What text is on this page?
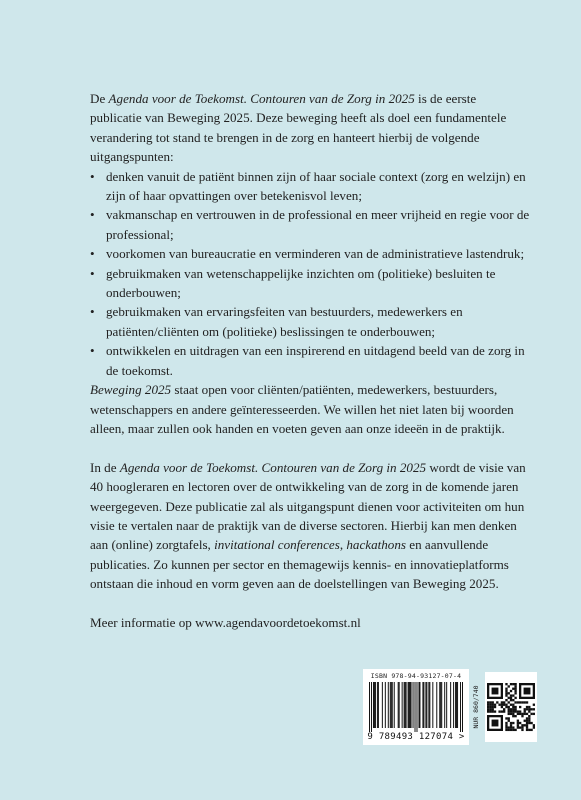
De Agenda voor de Toekomst. Contouren van de Zorg in 2025 is de eerste publicatie van Beweging 2025. Deze beweging heeft als doel een fundamentele verandering tot stand te brengen in de zorg en hanteert hierbij de volgende uitgangspunten:

• denken vanuit de patiënt binnen zijn of haar sociale context (zorg en welzijn) en zijn of haar opvattingen over betekenisvol leven;
• vakmanschap en vertrouwen in de professional en meer vrijheid en regie voor de professional;
• voorkomen van bureaucratie en verminderen van de administratieve lastendruk;
• gebruikmaken van wetenschappelijke inzichten om (politieke) besluiten te onderbouwen;
• gebruikmaken van ervaringsfeiten van bestuurders, medewerkers en patiënten/cliënten om (politieke) beslissingen te onderbouwen;
• ontwikkelen en uitdragen van een inspirerend en uitdagend beeld van de zorg in de toekomst.

Beweging 2025 staat open voor cliënten/patiënten, medewerkers, bestuurders, wetenschappers en andere geïnteresseerden. We willen het niet laten bij woorden alleen, maar zullen ook handen en voeten geven aan onze ideeën in de praktijk.

In de Agenda voor de Toekomst. Contouren van de Zorg in 2025 wordt de visie van 40 hoogleraren en lectoren over de ontwikkeling van de zorg in de komende jaren weergegeven. Deze publicatie zal als uitgangspunt dienen voor activiteiten om hun visie te vertalen naar de praktijk van de diverse sectoren. Hierbij kan men denken aan (online) zorgtafels, invitational conferences, hackathons en aanvullende publicaties. Zo kunnen per sector en themagewijs kennis- en innovatieplatforms ontstaan die inhoud en vorm geven aan de doelstellingen van Beweging 2025.

Meer informatie op www.agendavoordetoekomst.nl

ISBN 978-94-93127-07-4
9 789493 127074 >
NUR 860/740
